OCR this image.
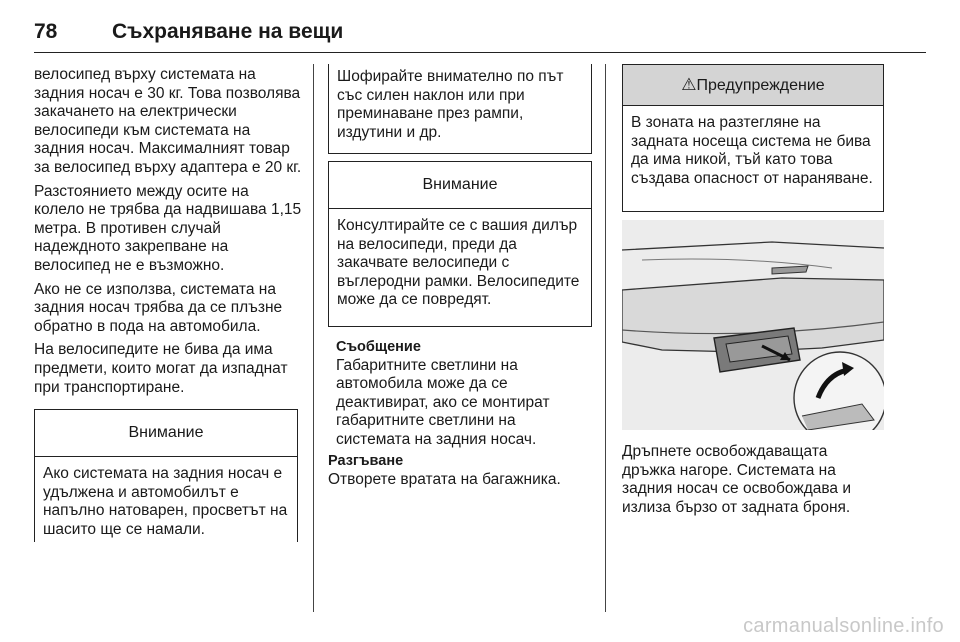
78	Съхраняване на вещи

велосипед върху системата на задния носач е 30 кг. Това позволява закачането на електрически велосипеди към системата на задния носач. Максималният товар за велосипед върху адаптера е 20 кг.

Разстоянието между осите на колело не трябва да надвишава 1,15 метра. В противен случай надеждното закрепване на велосипед не е възможно.

Ако не се използва, системата на задния носач трябва да се плъзне обратно в пода на автомобила.

На велосипедите не бива да има предмети, които могат да изпаднат при транспортиране.

Внимание
Ако системата на задния носач е удължена и автомобилът е напълно натоварен, просветът на шасито ще се намали.
Шофирайте внимателно по път със силен наклон или при преминаване през рампи, издутини и др.
Внимание
Консултирайте се с вашия дилър на велосипеди, преди да закачвате велосипеди с въглеродни рамки. Велосипедите може да се повредят.
Съобщение
Габаритните светлини на автомобила може да се деактивират, ако се монтират габаритните светлини на системата на задния носач.
Разгъване
Отворете вратата на багажника.
⚠Предупреждение
В зоната на разтегляне на задната носеща система не бива да има никой, тъй като това създава опасност от нараняване.
Дръпнете освобождаващата дръжка нагоре. Системата на задния носач се освобождава и излиза бързо от задната броня.
carmanualsonline.info
